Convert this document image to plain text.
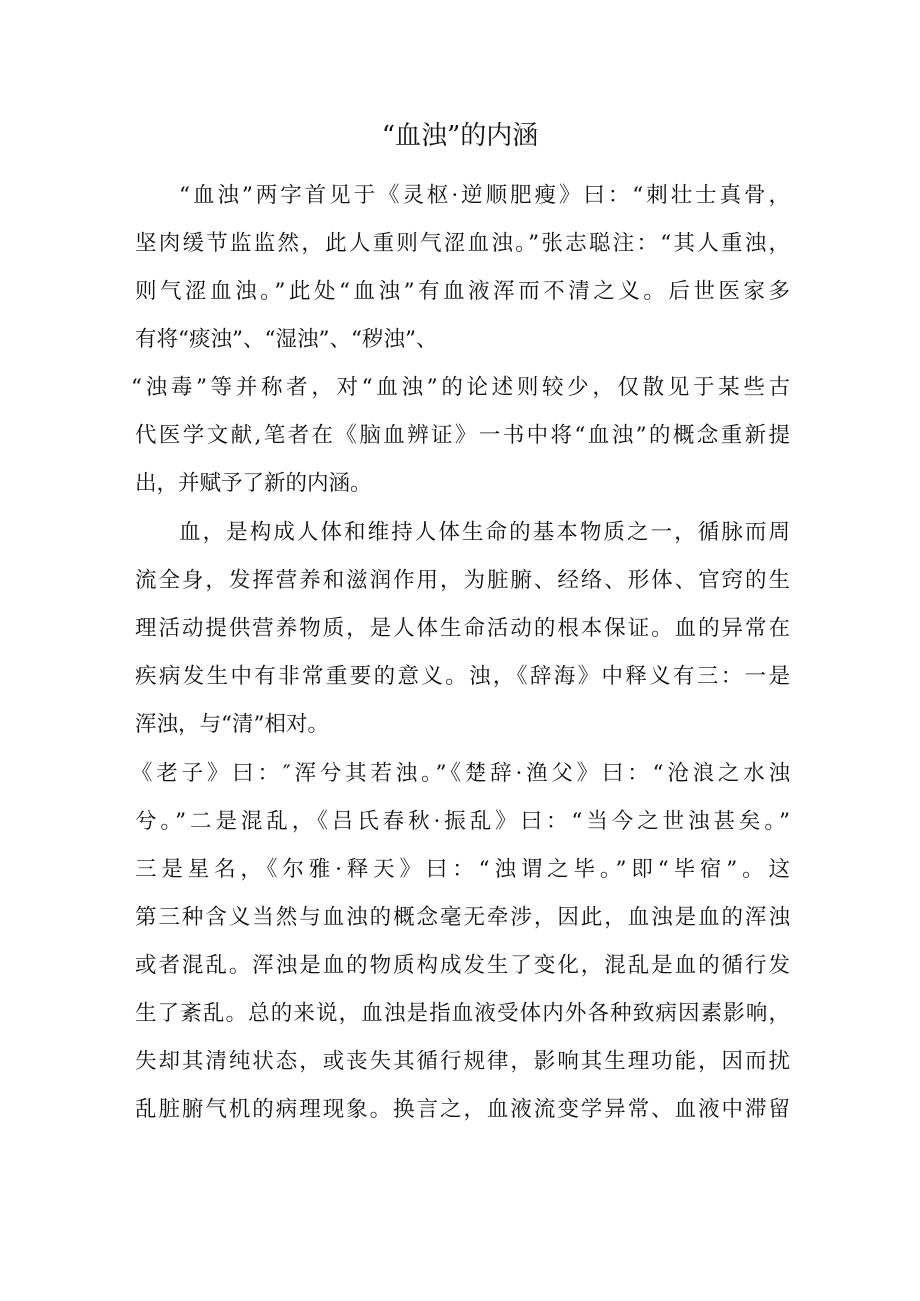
“血浊”的内涵
“血浊”两字首见于《灵枢·逆顺肥瘦》曰：“刺壮士真骨，
坚肉缓节监监然，此人重则气涩血浊。”张志聪注：“其人重浊，
则气涩血浊。”此处“血浊”有血液浑而不清之义。后世医家多
有将“痰浊”、“湿浊”、“秽浊”、
“浊毒”等并称者，对“血浊”的论述则较少，仅散见于某些古
代医学文献,笔者在《脑血辨证》一书中将“血浊”的概念重新提
出，并赋予了新的内涵。
血，是构成人体和维持人体生命的基本物质之一，循脉而周
流全身，发挥营养和滋润作用，为脏腑、经络、形体、官窍的生
理活动提供营养物质，是人体生命活动的根本保证。血的异常在
疾病发生中有非常重要的意义。浊，《辞海》中释义有三：一是
浑浊，与“清”相对。
《老子》曰：″浑兮其若浊。”《楚辞·渔父》曰：“沧浪之水浊
兮。”二是混乱，《吕氏春秋·振乱》曰：“当今之世浊甚矣。”
三是星名，《尔雅·释天》曰：“浊谓之毕。”即“毕宿”。这
第三种含义当然与血浊的概念毫无牵涉，因此，血浊是血的浑浊
或者混乱。浑浊是血的物质构成发生了变化，混乱是血的循行发
生了紊乱。总的来说，血浊是指血液受体内外各种致病因素影响，
失却其清纯状态，或丧失其循行规律，影响其生理功能，因而扰
乱脏腑气机的病理现象。换言之，血液流变学异常、血液中滞留
